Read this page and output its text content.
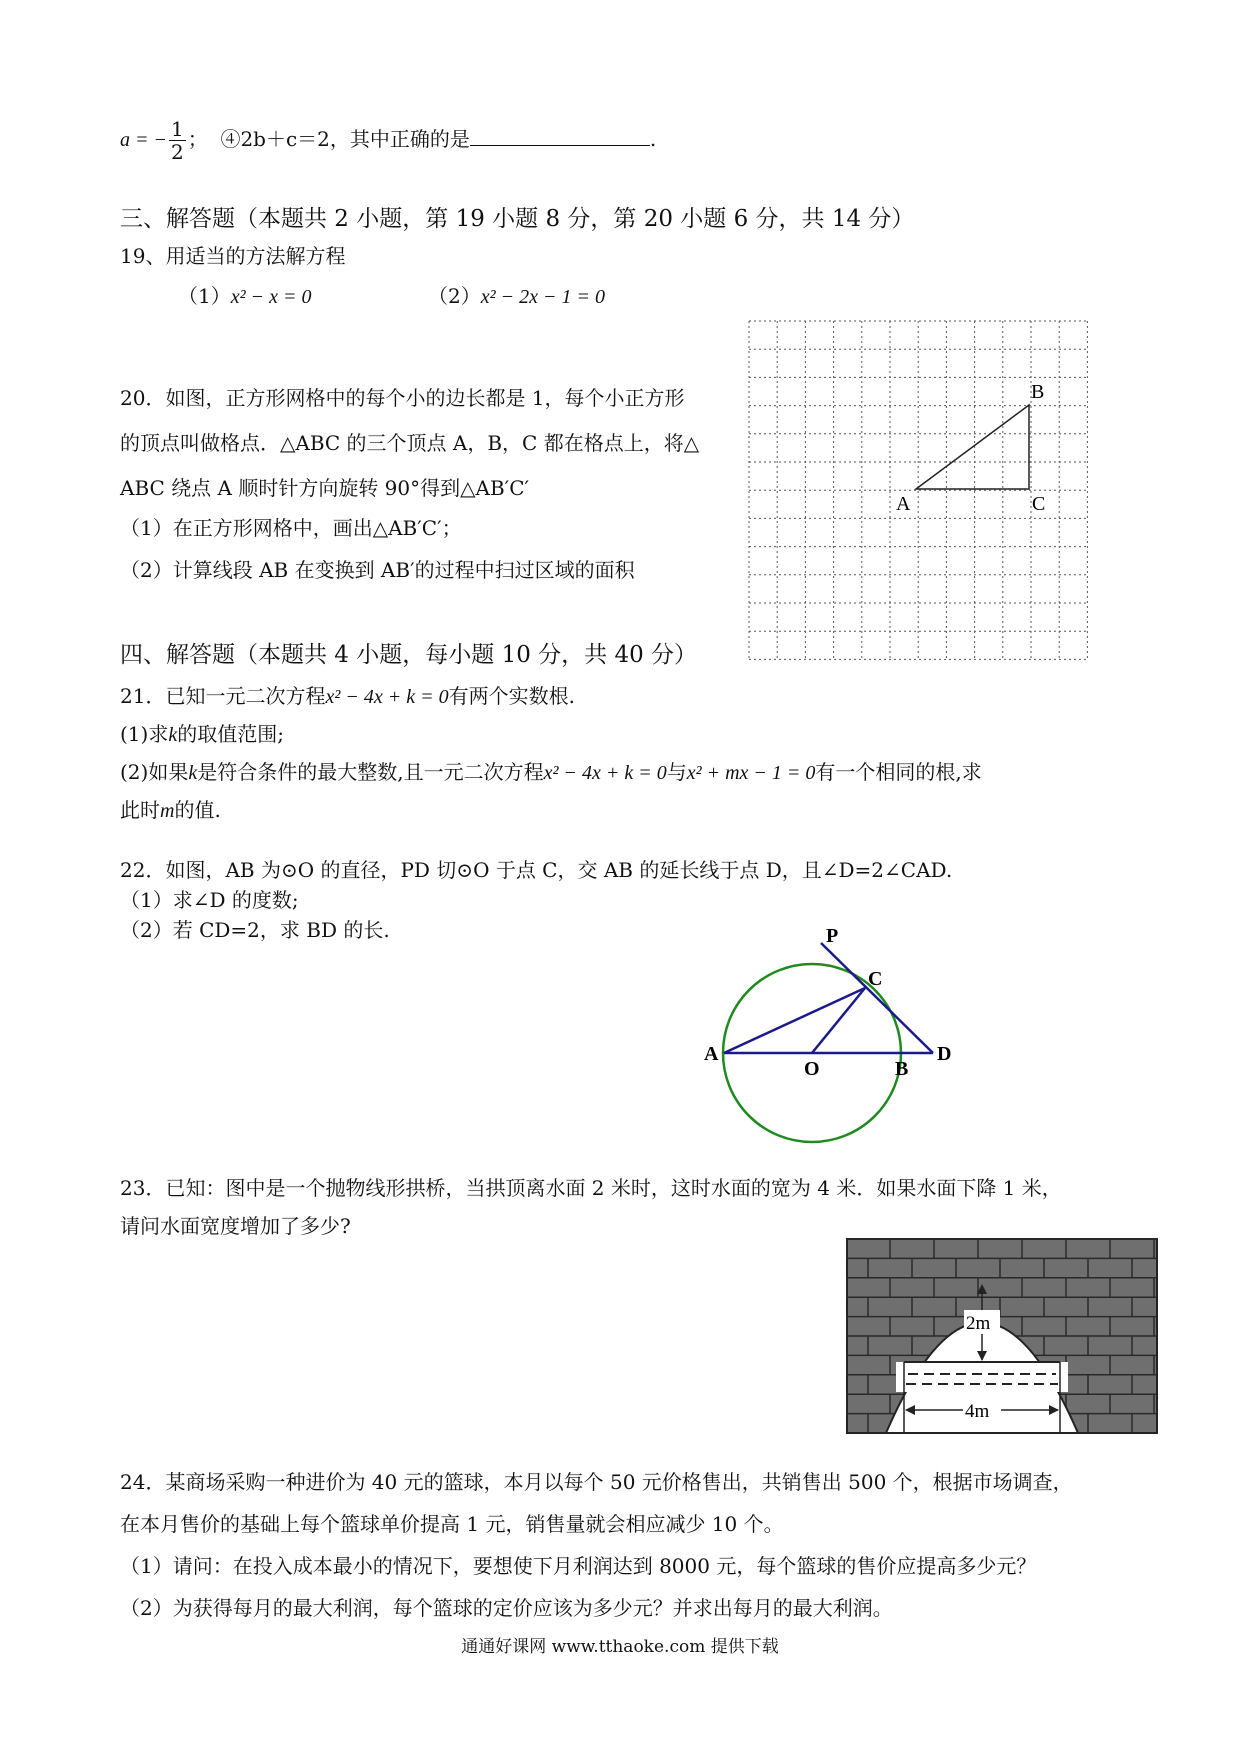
a = − $\frac{1}{2}$ ； ④2b＋c＝2，其中正确的是	.
三、解答题（本题共 2 小题，第 19 小题 8 分，第 20 小题 6 分，共 14 分）
19、用适当的方法解方程
（1）x² − x = 0	（2）x² − 2x − 1 = 0
A
B
C
20．如图，正方形网格中的每个小的边长都是 1，每个小正方形
的顶点叫做格点．△ABC 的三个顶点 A，B，C 都在格点上，将△
ABC 绕点 A 顺时针方向旋转 90°得到△AB′C′
（1）在正方形网格中，画出△AB′C′；
（2）计算线段 AB 在变换到 AB′的过程中扫过区域的面积
四、解答题（本题共 4 小题，每小题 10 分，共 40 分）
21．已知一元二次方程x² − 4x + k = 0有两个实数根.
(1)求k的取值范围;
(2)如果k是符合条件的最大整数,且一元二次方程x² − 4x + k = 0与x² + mx − 1 = 0有一个相同的根,求
此时m的值.
22．如图，AB 为⊙O 的直径，PD 切⊙O 于点 C，交 AB 的延长线于点 D，且∠D=2∠CAD.
（1）求∠D 的度数;
（2）若 CD=2，求 BD 的长.	P
C
A
O	B
D
23．已知：图中是一个抛物线形拱桥，当拱顶离水面 2 米时，这时水面的宽为 4 米．如果水面下降 1 米，
请问水面宽度增加了多少?
2m
4m
24．某商场采购一种进价为 40 元的篮球，本月以每个 50 元价格售出，共销售出 500 个，根据市场调查，
在本月售价的基础上每个篮球单价提高 1 元，销售量就会相应减少 10 个。
（1）请问：在投入成本最小的情况下，要想使下月利润达到 8000 元，每个篮球的售价应提高多少元？
（2）为获得每月的最大利润，每个篮球的定价应该为多少元？并求出每月的最大利润。
通通好课网 www.tthaoke.com 提供下载
